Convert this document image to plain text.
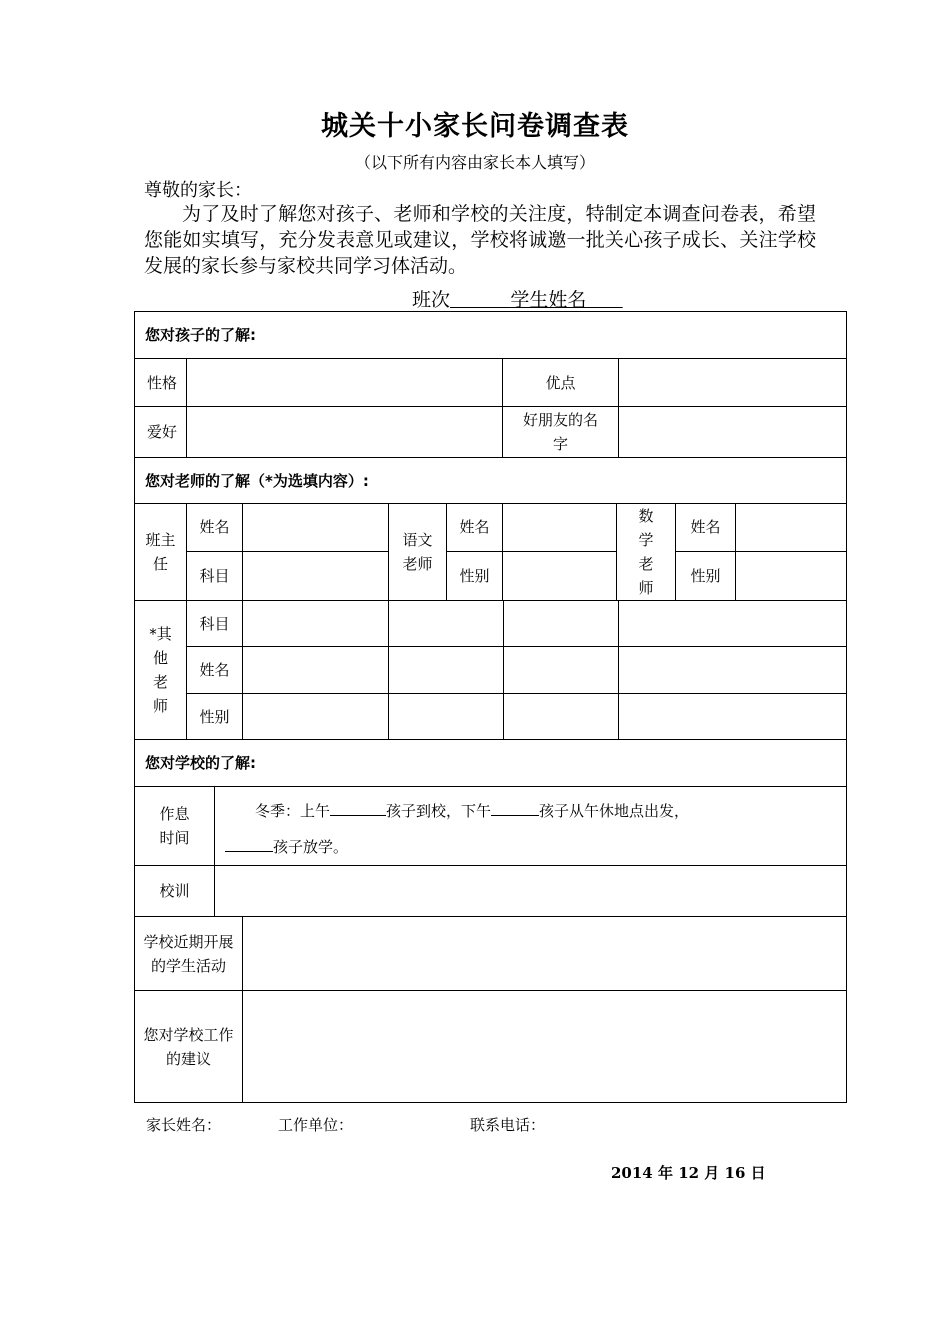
城关十小家长问卷调查表
（以下所有内容由家长本人填写）
尊敬的家长：
为了及时了解您对孩子、老师和学校的关注度，特制定本调查问卷表，希望您能如实填写，充分发表意见或建议，学校将诚邀一批关心孩子成长、关注学校发展的家长参与家校共同学习体活动。
班次	学生姓名
您对孩子的了解:										
性格						优点				
爱好						好朋友的名字				
您对老师的了解（*为选填内容）:										
班主任	姓名			语文老师	姓名		数学老师		姓名	
	科目				性别				性别	
*其他老师	科目									
	姓名									
	性别									
您对学校的了解:										
作息时间		冬季：上午 孩子到校，下午 孩子从午休地点出发，
孩子放学。								

校训										
学校近期开展的学生活动										
您对学校工作的建议										
家长姓名：	工作单位：	联系电话：
2014 年 12 月 16 日
